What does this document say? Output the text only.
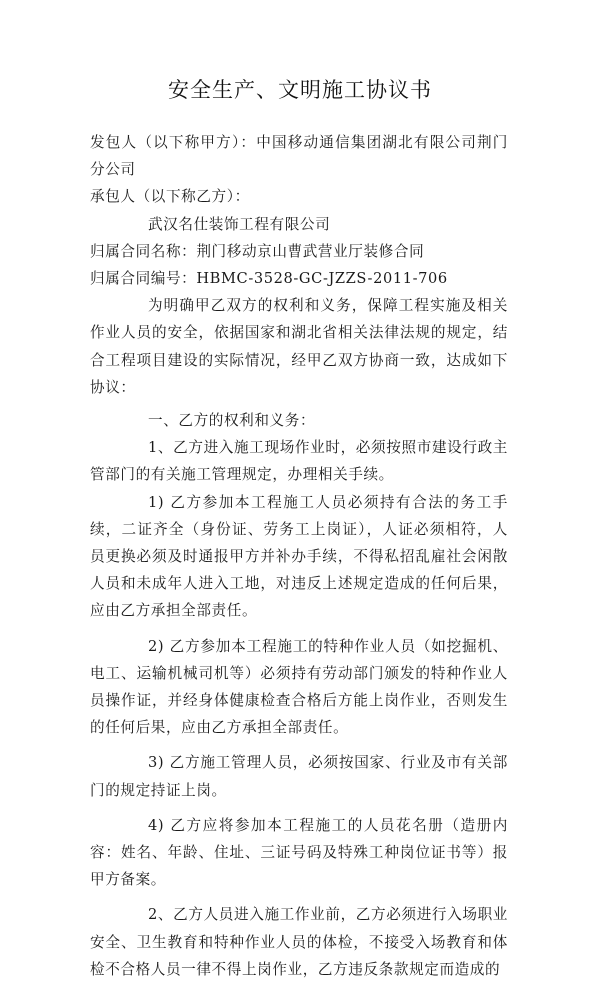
安全生产、文明施工协议书

发包人（以下称甲方）：中国移动通信集团湖北有限公司荆门分公司

承包人（以下称乙方）：

武汉名仕装饰工程有限公司

归属合同名称：荆门移动京山曹武营业厅装修合同

归属合同编号：HBMC-3528-GC-JZZS-2011-706

为明确甲乙双方的权利和义务，保障工程实施及相关作业人员的安全，依据国家和湖北省相关法律法规的规定，结合工程项目建设的实际情况，经甲乙双方协商一致，达成如下协议：

一、乙方的权利和义务：

1、乙方进入施工现场作业时，必须按照市建设行政主管部门的有关施工管理规定，办理相关手续。

1) 乙方参加本工程施工人员必须持有合法的务工手续，二证齐全（身份证、劳务工上岗证），人证必须相符，人员更换必须及时通报甲方并补办手续，不得私招乱雇社会闲散人员和未成年人进入工地，对违反上述规定造成的任何后果，应由乙方承担全部责任。

2) 乙方参加本工程施工的特种作业人员（如挖掘机、电工、运输机械司机等）必须持有劳动部门颁发的特种作业人员操作证，并经身体健康检查合格后方能上岗作业，否则发生的任何后果，应由乙方承担全部责任。

3) 乙方施工管理人员，必须按国家、行业及市有关部门的规定持证上岗。

4) 乙方应将参加本工程施工的人员花名册（造册内容：姓名、年龄、住址、三证号码及特殊工种岗位证书等）报甲方备案。

2、乙方人员进入施工作业前，乙方必须进行入场职业安全、卫生教育和特种作业人员的体检，不接受入场教育和体检不合格人员一律不得上岗作业，乙方违反条款规定而造成的
